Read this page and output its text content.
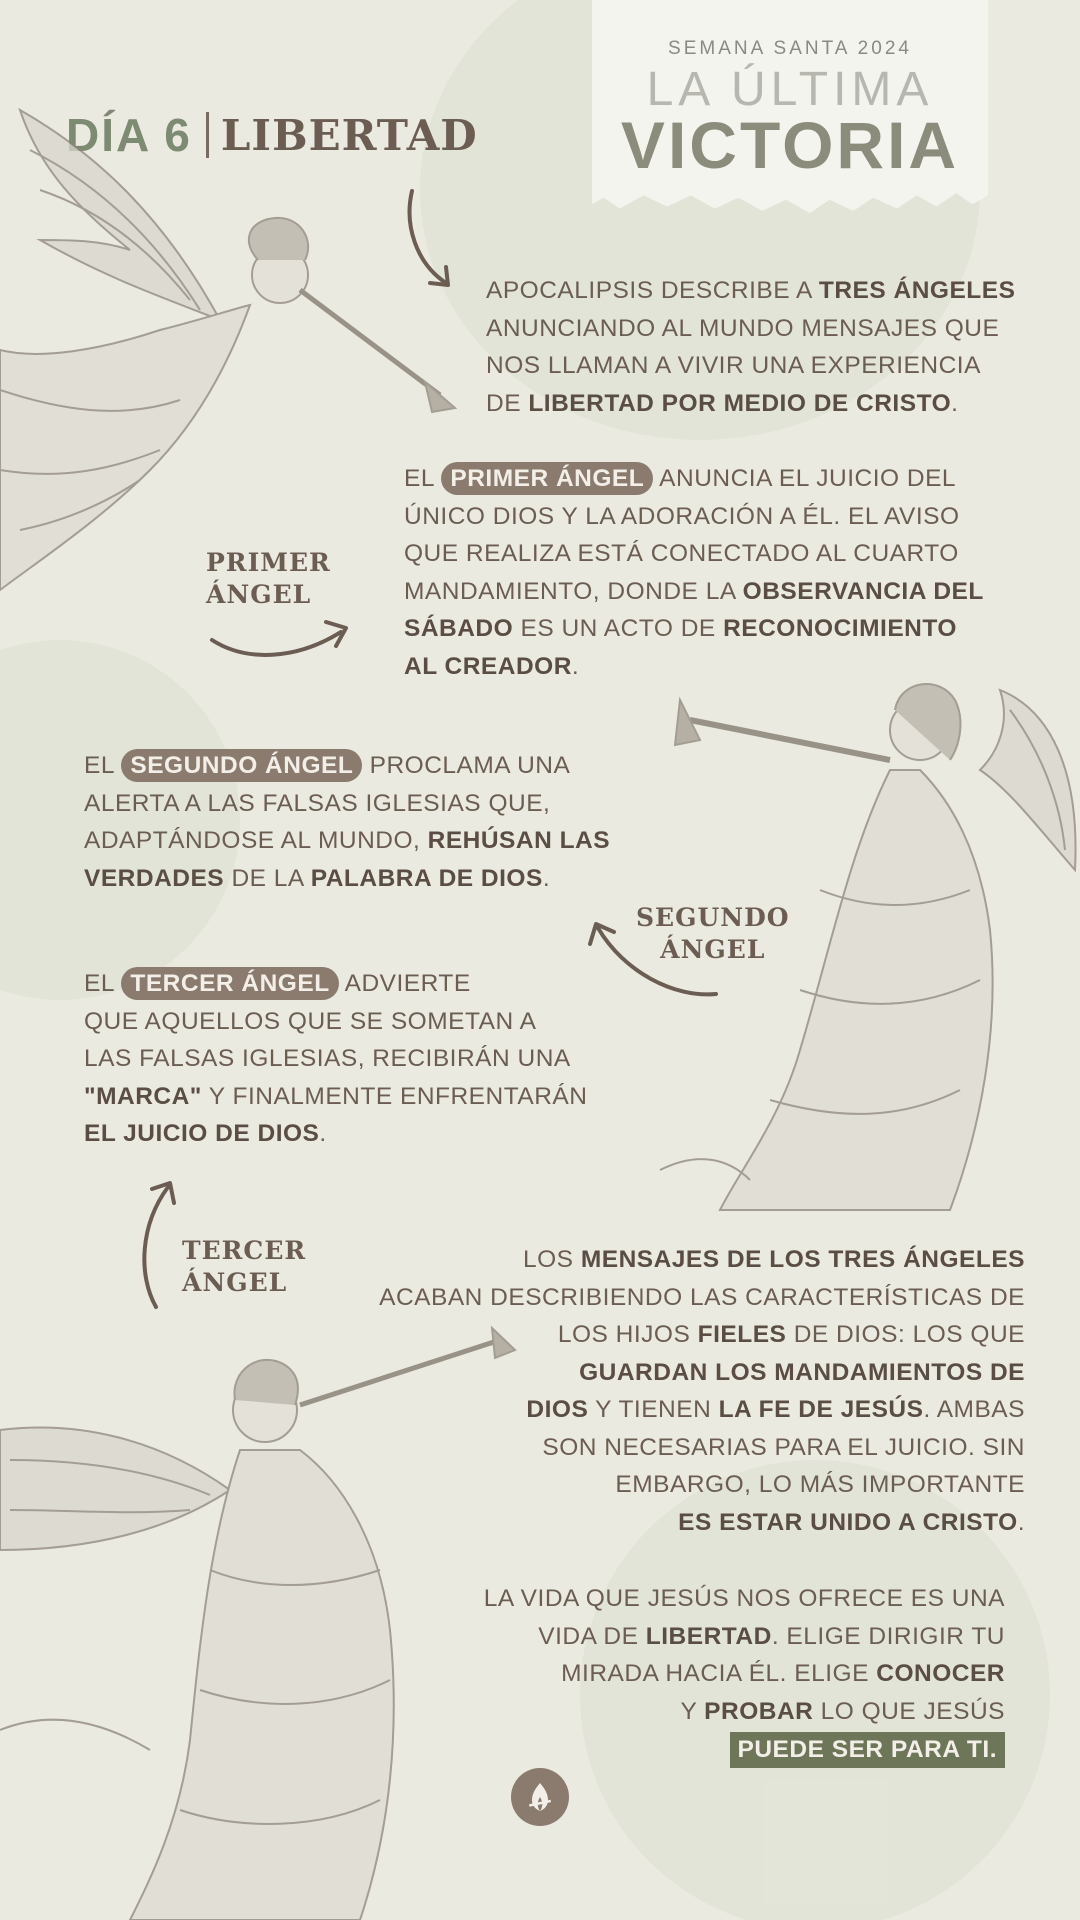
SEMANA SANTA 2024
LA ÚLTIMA
VICTORIA
DÍA 6 LIBERTAD
APOCALIPSIS DESCRIBE A TRES ÁNGELES
ANUNCIANDO AL MUNDO MENSAJES QUE
NOS LLAMAN A VIVIR UNA EXPERIENCIA
DE LIBERTAD POR MEDIO DE CRISTO.
EL PRIMER ÁNGEL ANUNCIA EL JUICIO DEL
ÚNICO DIOS Y LA ADORACIÓN A ÉL. EL AVISO
QUE REALIZA ESTÁ CONECTADO AL CUARTO
MANDAMIENTO, DONDE LA OBSERVANCIA DEL
SÁBADO ES UN ACTO DE RECONOCIMIENTO
AL CREADOR.
PRIMER
ÁNGEL
EL SEGUNDO ÁNGEL PROCLAMA UNA
ALERTA A LAS FALSAS IGLESIAS QUE,
ADAPTÁNDOSE AL MUNDO, REHÚSAN LAS
VERDADES DE LA PALABRA DE DIOS.
SEGUNDO
ÁNGEL
EL TERCER ÁNGEL ADVIERTE
QUE AQUELLOS QUE SE SOMETAN A
LAS FALSAS IGLESIAS, RECIBIRÁN UNA
"MARCA" Y FINALMENTE ENFRENTARÁN
EL JUICIO DE DIOS.
TERCER
ÁNGEL
LOS MENSAJES DE LOS TRES ÁNGELES
ACABAN DESCRIBIENDO LAS CARACTERÍSTICAS DE
LOS HIJOS FIELES DE DIOS: LOS QUE
GUARDAN LOS MANDAMIENTOS DE
DIOS Y TIENEN LA FE DE JESÚS. AMBAS
SON NECESARIAS PARA EL JUICIO. SIN
EMBARGO, LO MÁS IMPORTANTE
ES ESTAR UNIDO A CRISTO.
LA VIDA QUE JESÚS NOS OFRECE ES UNA
VIDA DE LIBERTAD. ELIGE DIRIGIR TU
MIRADA HACIA ÉL. ELIGE CONOCER
Y PROBAR LO QUE JESÚS
PUEDE SER PARA TI.
